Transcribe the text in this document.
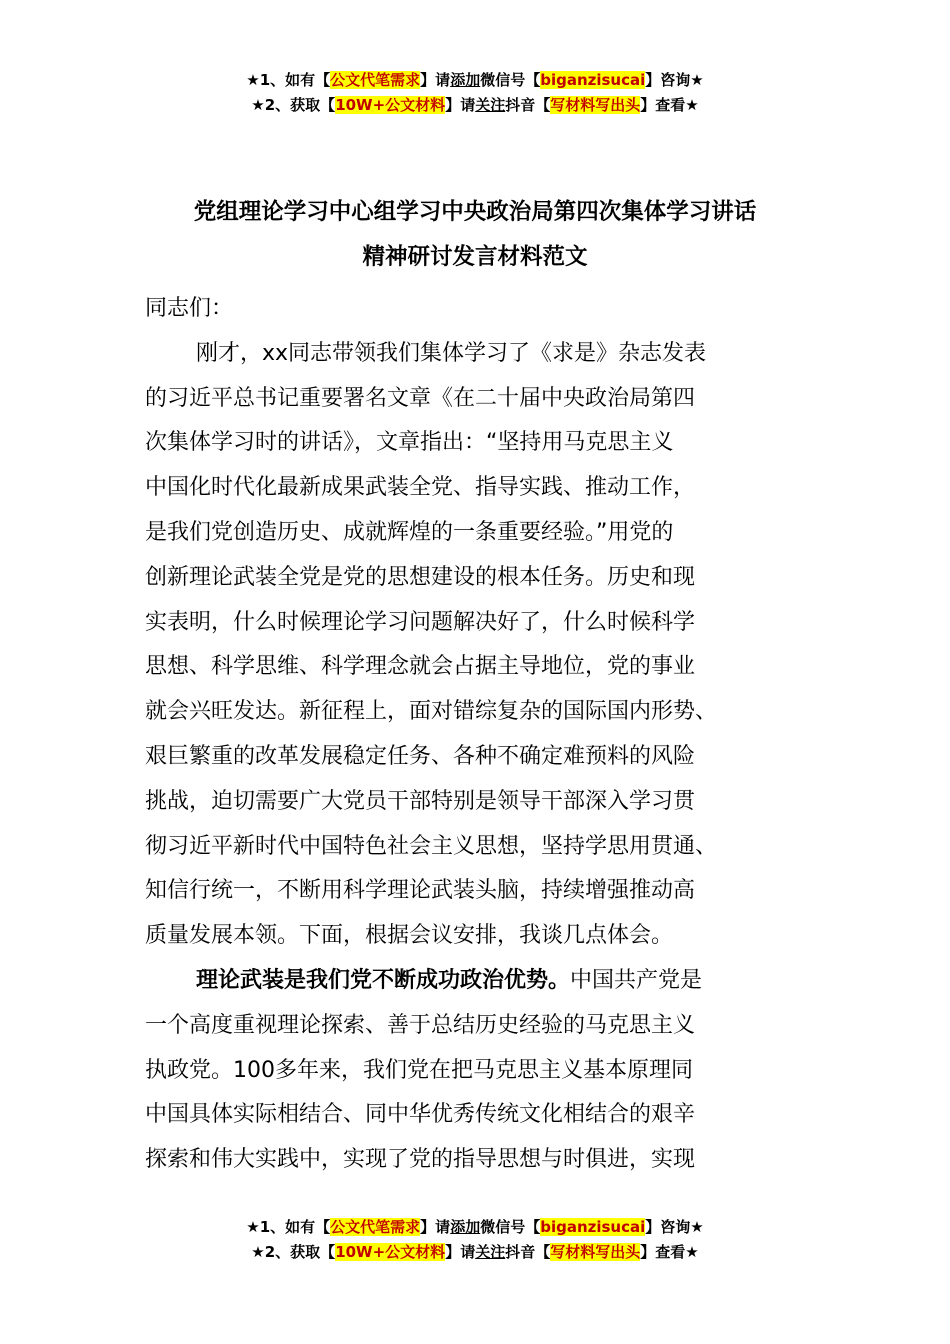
★1、如有【公文代笔需求】请添加微信号【biganzisucai】咨询★
★2、获取【10W+公文材料】请关注抖音【写材料写出头】查看★
党组理论学习中心组学习中央政治局第四次集体学习讲话
精神研讨发言材料范文
同志们：
刚才，xx同志带领我们集体学习了《求是》杂志发表
的习近平总书记重要署名文章《在二十届中央政治局第四
次集体学习时的讲话》，文章指出：“坚持用马克思主义
中国化时代化最新成果武装全党、指导实践、推动工作，
是我们党创造历史、成就辉煌的一条重要经验。”用党的
创新理论武装全党是党的思想建设的根本任务。历史和现
实表明，什么时候理论学习问题解决好了，什么时候科学
思想、科学思维、科学理念就会占据主导地位，党的事业
就会兴旺发达。新征程上，面对错综复杂的国际国内形势、
艰巨繁重的改革发展稳定任务、各种不确定难预料的风险
挑战，迫切需要广大党员干部特别是领导干部深入学习贯
彻习近平新时代中国特色社会主义思想，坚持学思用贯通、
知信行统一，不断用科学理论武装头脑，持续增强推动高
质量发展本领。下面，根据会议安排，我谈几点体会。
理论武装是我们党不断成功政治优势。中国共产党是
一个高度重视理论探索、善于总结历史经验的马克思主义
执政党。100多年来，我们党在把马克思主义基本原理同
中国具体实际相结合、同中华优秀传统文化相结合的艰辛
探索和伟大实践中，实现了党的指导思想与时俱进，实现
★1、如有【公文代笔需求】请添加微信号【biganzisucai】咨询★
★2、获取【10W+公文材料】请关注抖音【写材料写出头】查看★
